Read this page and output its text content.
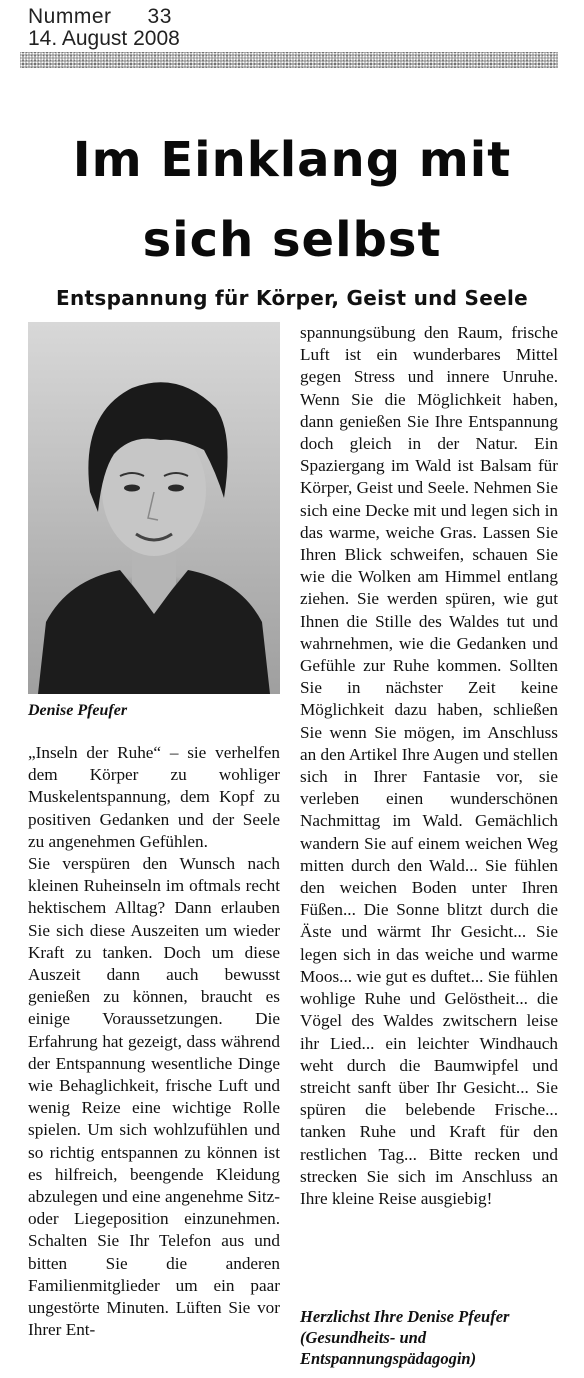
Nummer 33
14. August 2008
Im Einklang mit
sich selbst
Entspannung für Körper, Geist und Seele
Denise Pfeufer

„Inseln der Ruhe“ – sie verhelfen dem Körper zu wohliger Muskelentspannung, dem Kopf zu positiven Gedanken und der Seele zu angenehmen Gefühlen.

Sie verspüren den Wunsch nach kleinen Ruheinseln im oftmals recht hektischem Alltag? Dann erlauben Sie sich diese Auszeiten um wieder Kraft zu tanken. Doch um diese Auszeit dann auch bewusst genießen zu können, braucht es einige Voraussetzungen. Die Erfahrung hat gezeigt, dass während der Entspannung wesentliche Dinge wie Behaglichkeit, frische Luft und wenig Reize eine wichtige Rolle spielen. Um sich wohlzufühlen und so richtig entspannen zu können ist es hilfreich, beengende Kleidung abzulegen und eine angenehme Sitz- oder Liegeposition einzunehmen. Schalten Sie Ihr Telefon aus und bitten Sie die anderen Familienmitglieder um ein paar ungestörte Minuten. Lüften Sie vor Ihrer Ent-

spannungsübung den Raum, frische Luft ist ein wunderbares Mittel gegen Stress und innere Unruhe. Wenn Sie die Möglichkeit haben, dann genießen Sie Ihre Entspannung doch gleich in der Natur. Ein Spaziergang im Wald ist Balsam für Körper, Geist und Seele. Nehmen Sie sich eine Decke mit und legen sich in das warme, weiche Gras. Lassen Sie Ihren Blick schweifen, schauen Sie wie die Wolken am Himmel entlang ziehen. Sie werden spüren, wie gut Ihnen die Stille des Waldes tut und wahrnehmen, wie die Gedanken und Gefühle zur Ruhe kommen. Sollten Sie in nächster Zeit keine Möglichkeit dazu haben, schließen Sie wenn Sie mögen, im Anschluss an den Artikel Ihre Augen und stellen sich in Ihrer Fantasie vor, sie verleben einen wunderschönen Nachmittag im Wald. Gemächlich wandern Sie auf einem weichen Weg mitten durch den Wald... Sie fühlen den weichen Boden unter Ihren Füßen... Die Sonne blitzt durch die Äste und wärmt Ihr Gesicht... Sie legen sich in das weiche und warme Moos... wie gut es duftet... Sie fühlen wohlige Ruhe und Gelöstheit... die Vögel des Waldes zwitschern leise ihr Lied... ein leichter Windhauch weht durch die Baumwipfel und streicht sanft über Ihr Gesicht... Sie spüren die belebende Frische... tanken Ruhe und Kraft für den restlichen Tag... Bitte recken und strecken Sie sich im Anschluss an Ihre kleine Reise ausgiebig!

Herzlichst Ihre Denise Pfeufer

(Gesundheits- und

Entspannungspädagogin)
